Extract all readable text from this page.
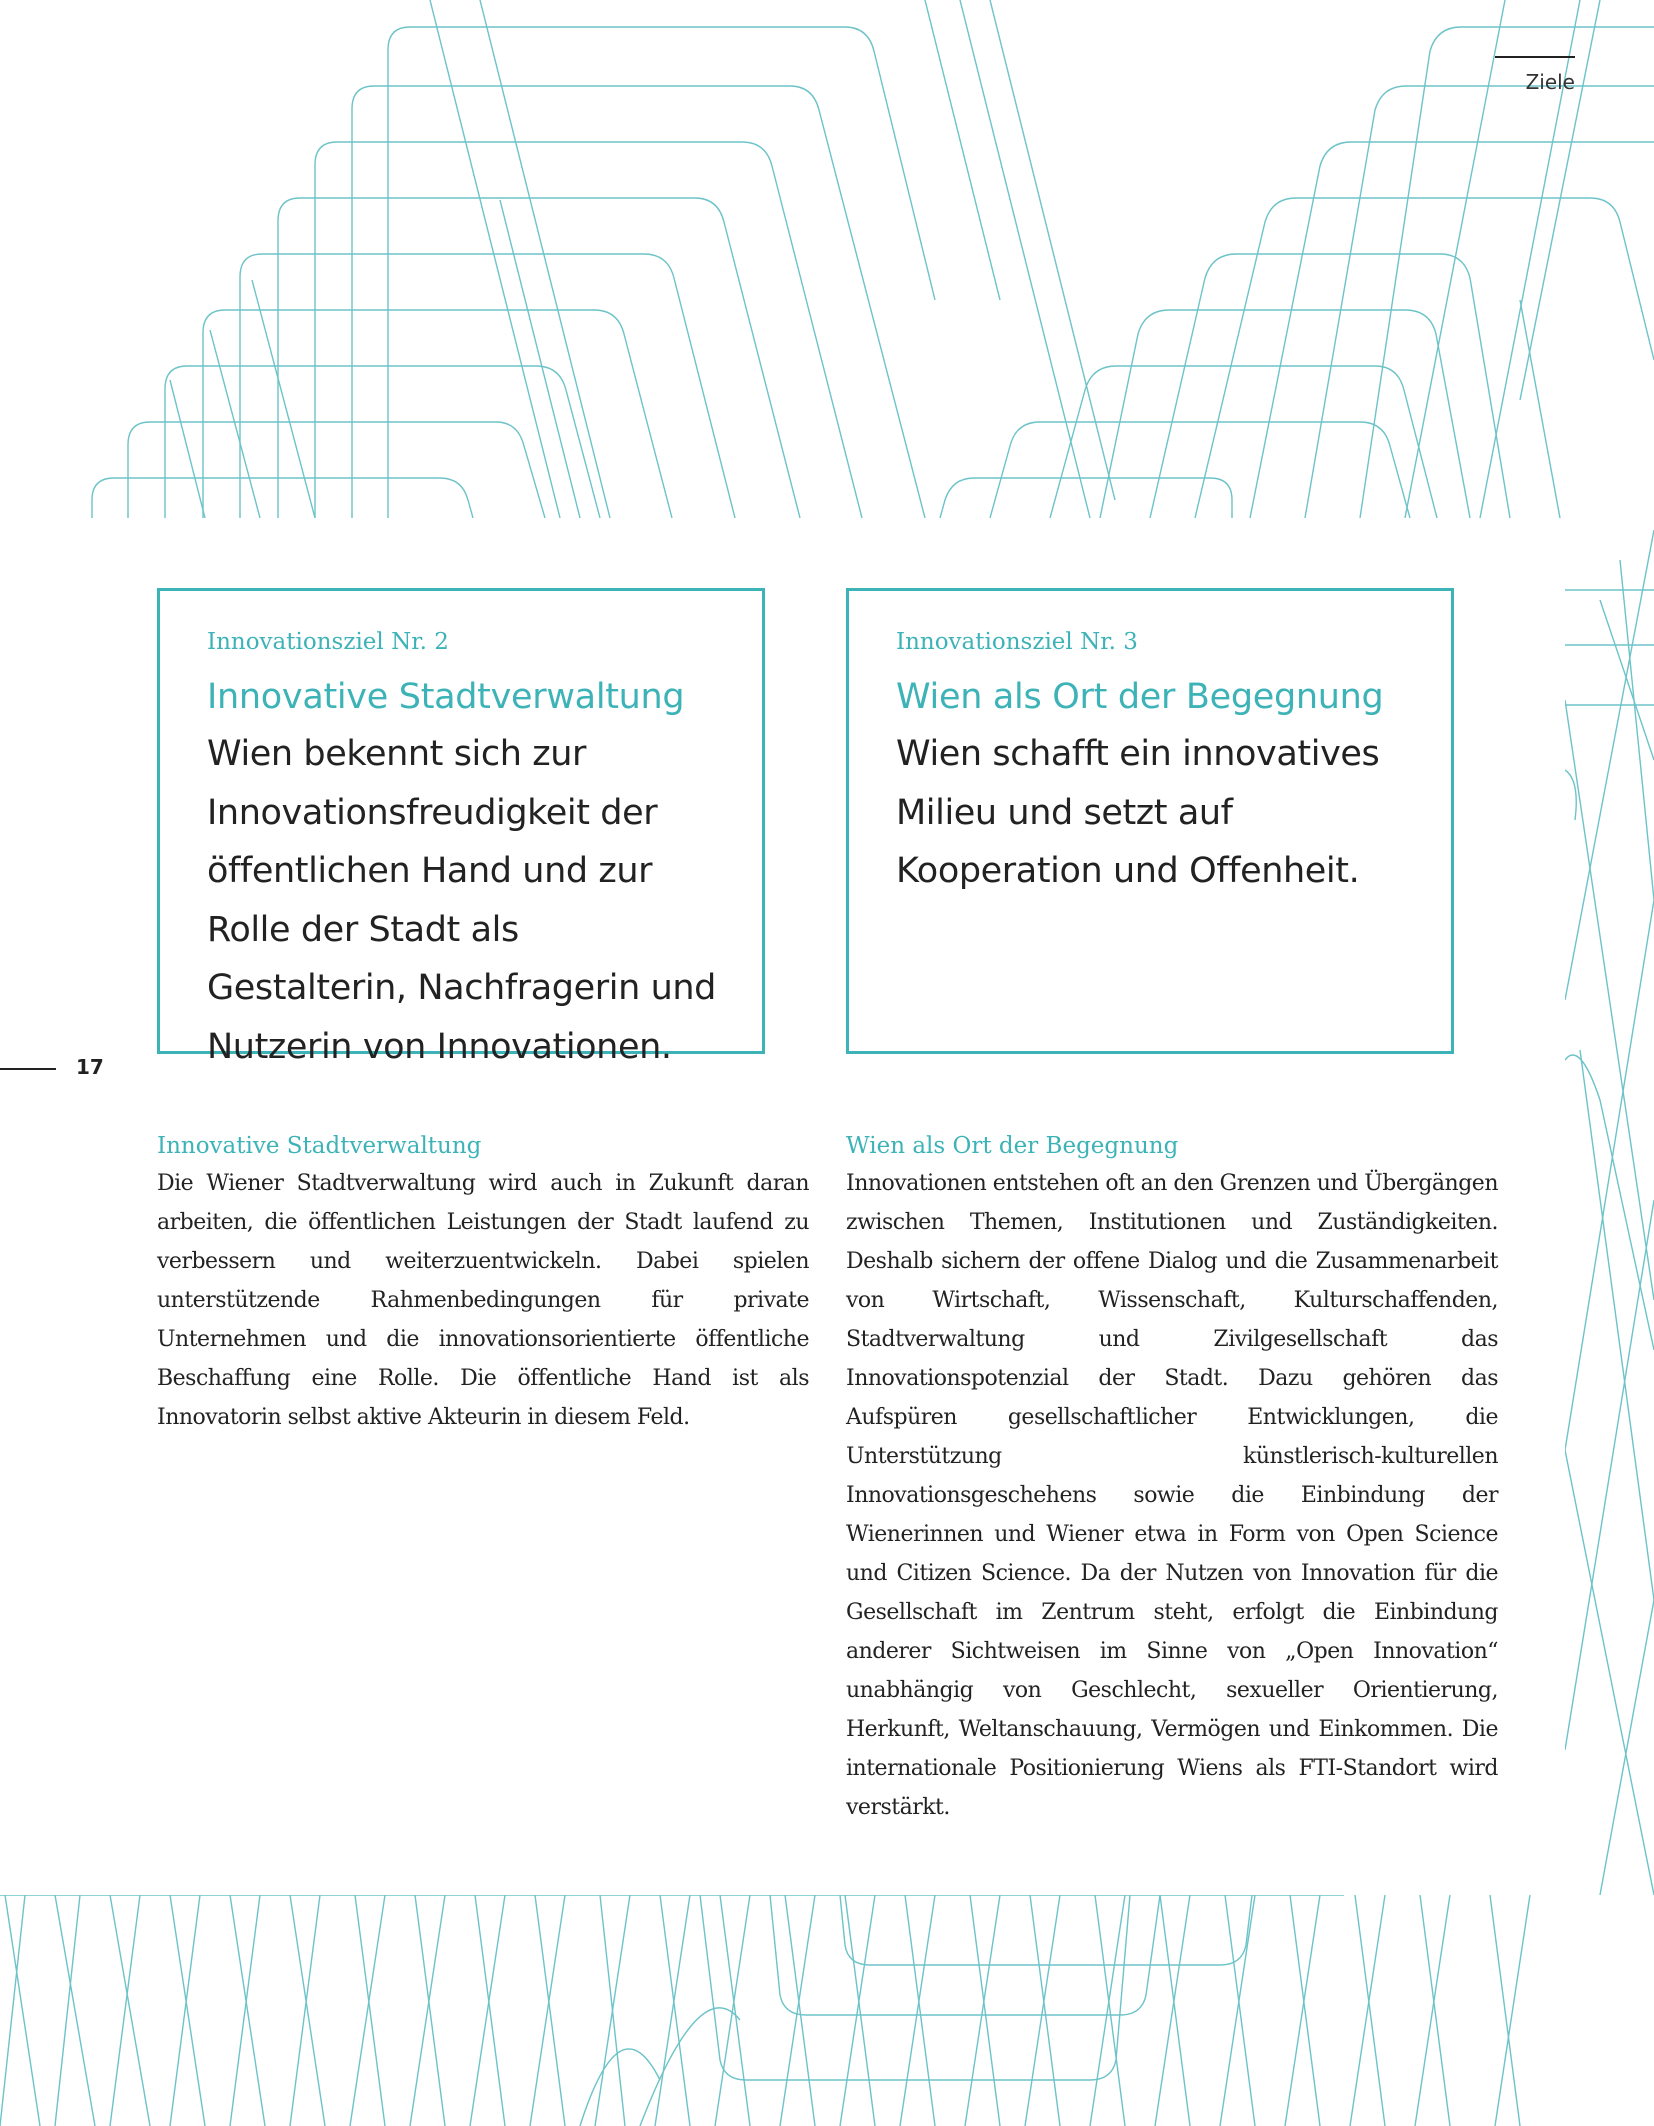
Ziele
17

Innovationsziel Nr. 2

Innovative Stadtverwaltung

Wien bekennt sich zur Innovationsfreudigkeit der öffentlichen Hand und zur Rolle der Stadt als Gestalterin, Nachfragerin und Nutzerin von Innovationen.

Innovationsziel Nr. 3

Wien als Ort der Begegnung

Wien schafft ein innovatives Milieu und setzt auf Kooperation und Offenheit.

Innovative Stadtverwaltung

Die Wiener Stadtverwaltung wird auch in Zukunft daran arbeiten, die öffentlichen Leistungen der Stadt laufend zu verbessern und weiterzuentwickeln. Dabei spielen unterstützende Rahmenbedingungen für private Unternehmen und die innovationsorientierte öffentliche Beschaffung eine Rolle. Die öffentliche Hand ist als Innovatorin selbst aktive Akteurin in diesem Feld.

Wien als Ort der Begegnung

Innovationen entstehen oft an den Grenzen und Übergängen zwischen Themen, Institutionen und Zuständigkeiten. Deshalb sichern der offene Dialog und die Zusammenarbeit von Wirtschaft, Wissenschaft, Kulturschaffenden, Stadtverwaltung und Zivilgesellschaft das Innovationspotenzial der Stadt. Dazu gehören das Aufspüren gesellschaftlicher Entwicklungen, die Unterstützung künstlerisch-kulturellen Innovationsgeschehens sowie die Einbindung der Wienerinnen und Wiener etwa in Form von Open Science und Citizen Science. Da der Nutzen von Innovation für die Gesellschaft im Zentrum steht, erfolgt die Einbindung anderer Sichtweisen im Sinne von „Open Innovation“ unabhängig von Geschlecht, sexueller Orientierung, Herkunft, Weltanschauung, Vermögen und Einkommen. Die internationale Positionierung Wiens als FTI-Standort wird verstärkt.
